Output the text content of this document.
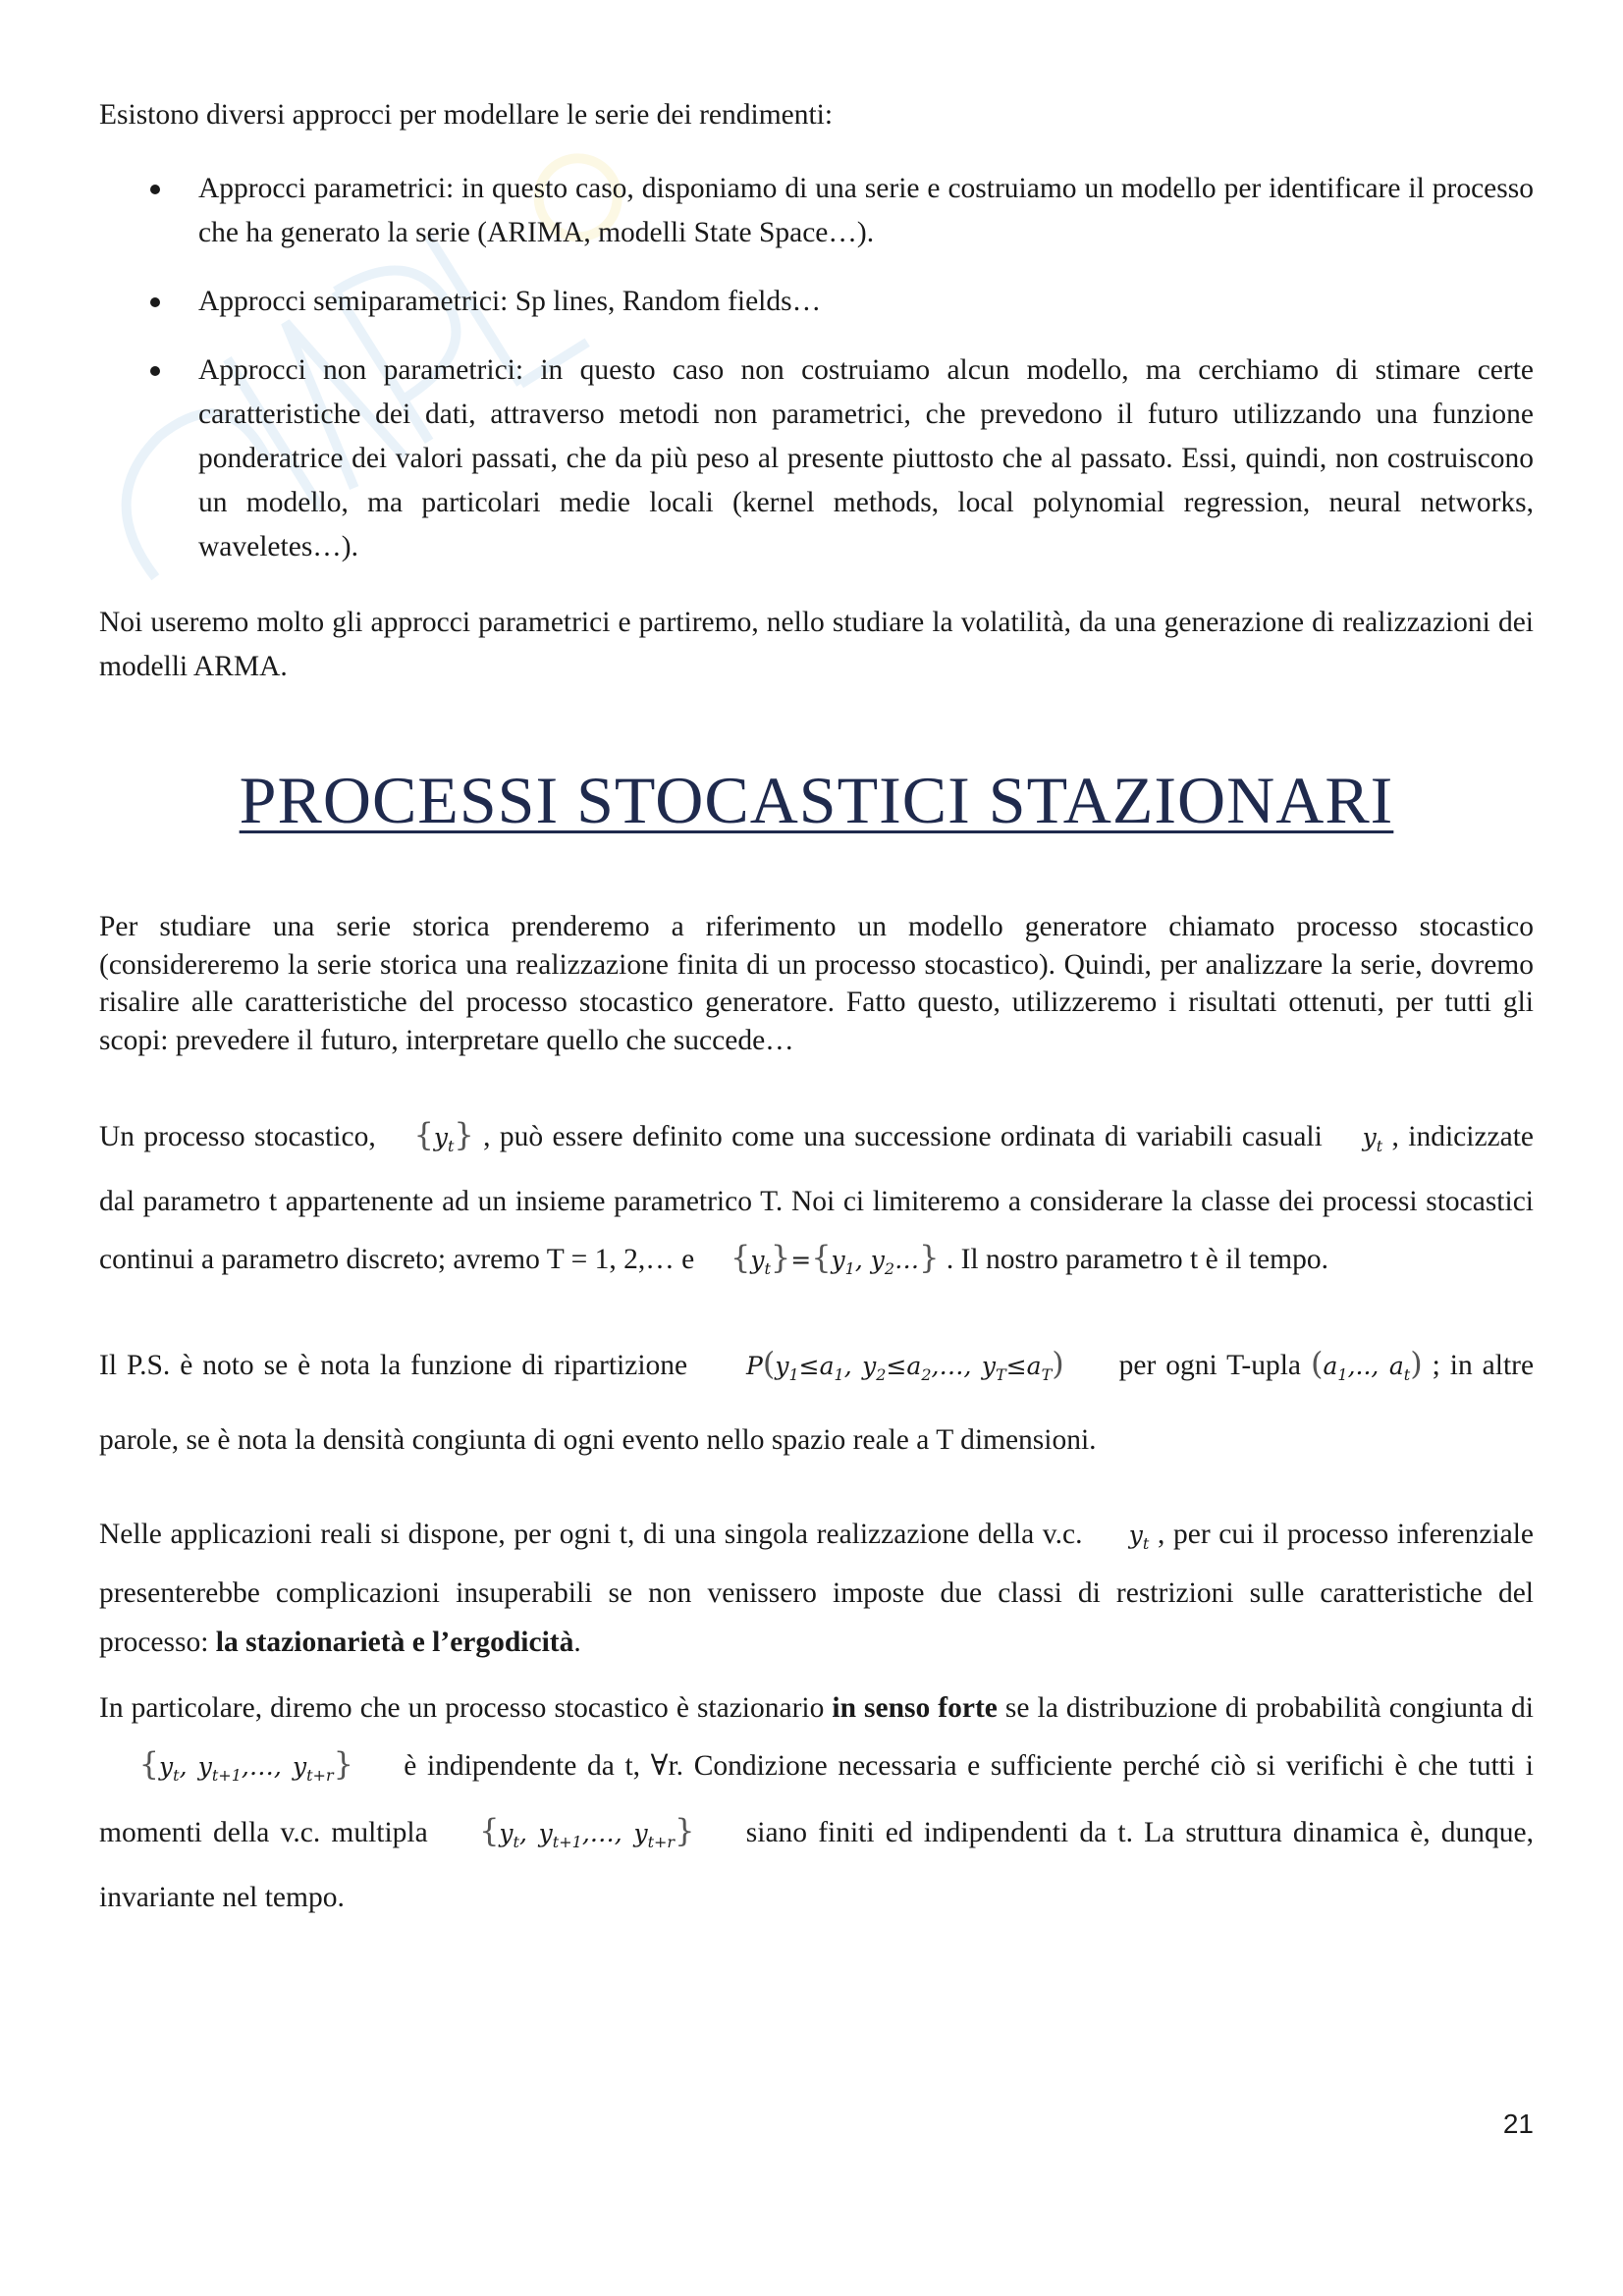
Esistono diversi approcci per modellare le serie dei rendimenti:

Approcci parametrici: in questo caso, disponiamo di una serie e costruiamo un modello per identificare il processo che ha generato la serie (ARIMA, modelli State Space…).
Approcci semiparametrici: Sp lines, Random fields…
Approcci non parametrici: in questo caso non costruiamo alcun modello, ma cerchiamo di stimare certe caratteristiche dei dati, attraverso metodi non parametrici, che prevedono il futuro utilizzando una funzione ponderatrice dei valori passati, che da più peso al presente piuttosto che al passato. Essi, quindi, non costruiscono un modello, ma particolari medie locali (kernel methods, local polynomial regression, neural networks, waveletes…).

Noi useremo molto gli approcci parametrici e partiremo, nello studiare la volatilità, da una generazione di realizzazioni dei modelli ARMA.

PROCESSI STOCASTICI STAZIONARI

Per studiare una serie storica prenderemo a riferimento un modello generatore chiamato processo stocastico (considereremo la serie storica una realizzazione finita di un processo stocastico). Quindi, per analizzare la serie, dovremo risalire alle caratteristiche del processo stocastico generatore. Fatto questo, utilizzeremo i risultati ottenuti, per tutti gli scopi: prevedere il futuro, interpretare quello che succede…

Un processo stocastico, $\{y_t\}$ , può essere definito come una successione ordinata di variabili casuali $y_t$ , indicizzate dal parametro t appartenente ad un insieme parametrico T. Noi ci limiteremo a considerare la classe dei processi stocastici continui a parametro discreto; avremo T = 1, 2,… e $\{y_t\}=\{y_1$, $y_2\dots$} . Il nostro parametro t è il tempo.

Il P.S. è noto se è nota la funzione di ripartizione $P(y_1\le a_1$, $y_2\le a_2,\dots$, $y_T\le a_T$) per ogni T-upla ($a_1$,.., $a_t$) ; in altre parole, se è nota la densità congiunta di ogni evento nello spazio reale a T dimensioni.

Nelle applicazioni reali si dispone, per ogni t, di una singola realizzazione della v.c. $y_t$ , per cui il processo inferenziale presenterebbe complicazioni insuperabili se non venissero imposte due classi di restrizioni sulle caratteristiche del processo: la stazionarietà e l’ergodicità.

In particolare, diremo che un processo stocastico è stazionario in senso forte se la distribuzione di probabilità congiunta di  {$y_t$, $y_{t+1},\dots$, $y_{t+r}$} è indipendente da t, ∀r. Condizione necessaria e sufficiente perché ciò si verifichi è che tutti i momenti della v.c. multipla {$y_t$, $y_{t+1},\dots$, $y_{t+r}$} siano finiti ed indipendenti da t. La struttura dinamica è, dunque, invariante nel tempo.

21
